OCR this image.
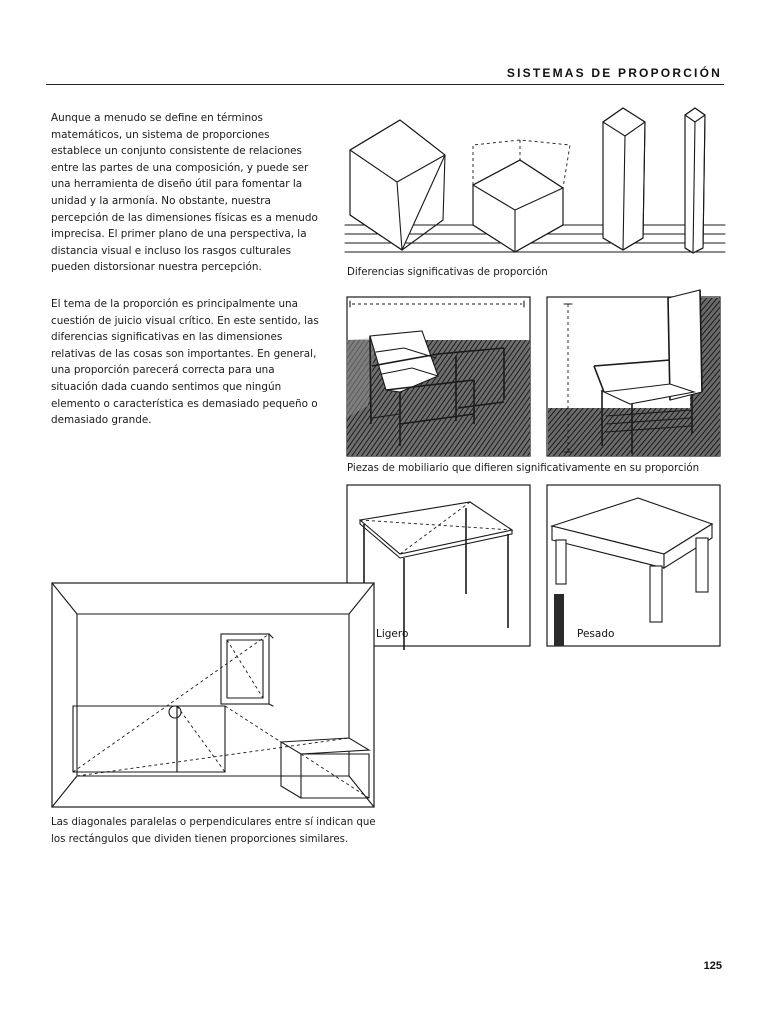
SISTEMAS DE PROPORCIÓN

Aunque a menudo se define en términos matemáticos, un sistema de proporciones establece un conjunto consistente de relaciones entre las partes de una composición, y puede ser una herramienta de diseño útil para fomentar la unidad y la armonía. No obstante, nuestra percepción de las dimensiones físicas es a menudo imprecisa. El primer plano de una perspectiva, la distancia visual e incluso los rasgos culturales pueden distorsionar nuestra percepción.

El tema de la proporción es principalmente una cuestión de juicio visual crítico. En este sentido, las diferencias significativas en las dimensiones relativas de las cosas son importantes. En general, una proporción parecerá correcta para una situación dada cuando sentimos que ningún elemento o característica es demasiado pequeño o demasiado grande.

Diferencias significativas de proporción

Piezas de mobiliario que difieren significativamente en su proporción

Ligero	Pesado

Las diagonales paralelas o perpendiculares entre sí indican que los rectángulos que dividen tienen proporciones similares.

125
